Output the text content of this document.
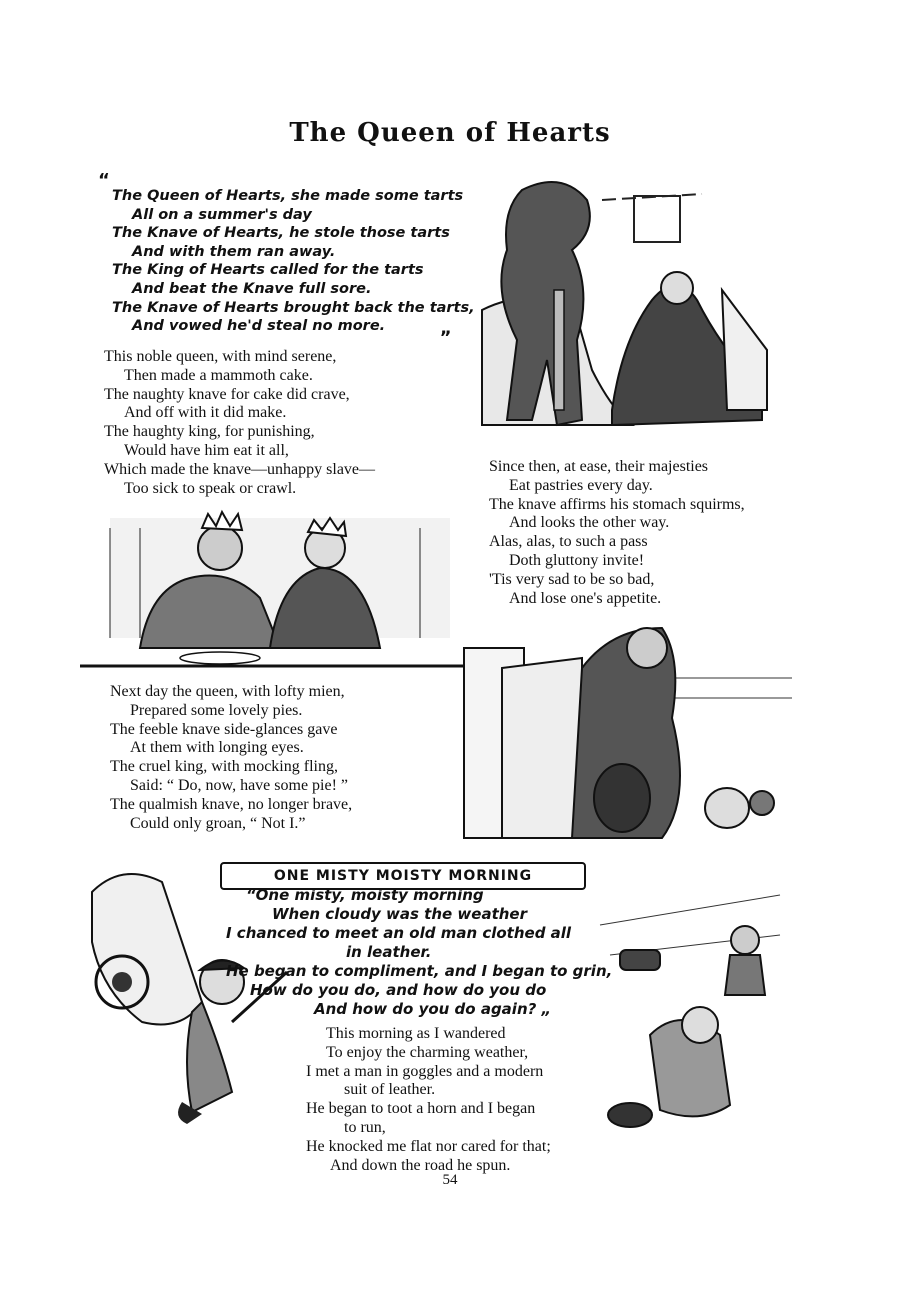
The Queen of Hearts
“
The Queen of Hearts, she made some tarts
All on a summer's day
The Knave of Hearts, he stole those tarts
And with them ran away.
The King of Hearts called for the tarts
And beat the Knave full sore.
The Knave of Hearts brought back the tarts,
And vowed he'd steal no more.	„
This noble queen, with mind serene,
Then made a mammoth cake.
The naughty knave for cake did crave,
And off with it did make.
The haughty king, for punishing,
Would have him eat it all,
Which made the knave—unhappy slave—
Too sick to speak or crawl.
Since then, at ease, their majesties
Eat pastries every day.
The knave affirms his stomach squirms,
And looks the other way.
Alas, alas, to such a pass
Doth gluttony invite!
'Tis very sad to be so bad,
And lose one's appetite.
Next day the queen, with lofty mien,
Prepared some lovely pies.
The feeble knave side-glances gave
At them with longing eyes.
The cruel king, with mocking fling,
Said: “ Do, now, have some pie! ”
The qualmish knave, no longer brave,
Could only groan, “ Not I.”
ONE MISTY MOISTY MORNING
“One misty, moisty morning
When cloudy was the weather
I chanced to meet an old man clothed all
in leather.
He began to compliment, and I began to grin,
How do you do, and how do you do
And how do you do again? „
This morning as I wandered
To enjoy the charming weather,
I met a man in goggles and a modern
suit of leather.
He began to toot a horn and I began
to run,
He knocked me flat nor cared for that;
And down the road he spun.
54
